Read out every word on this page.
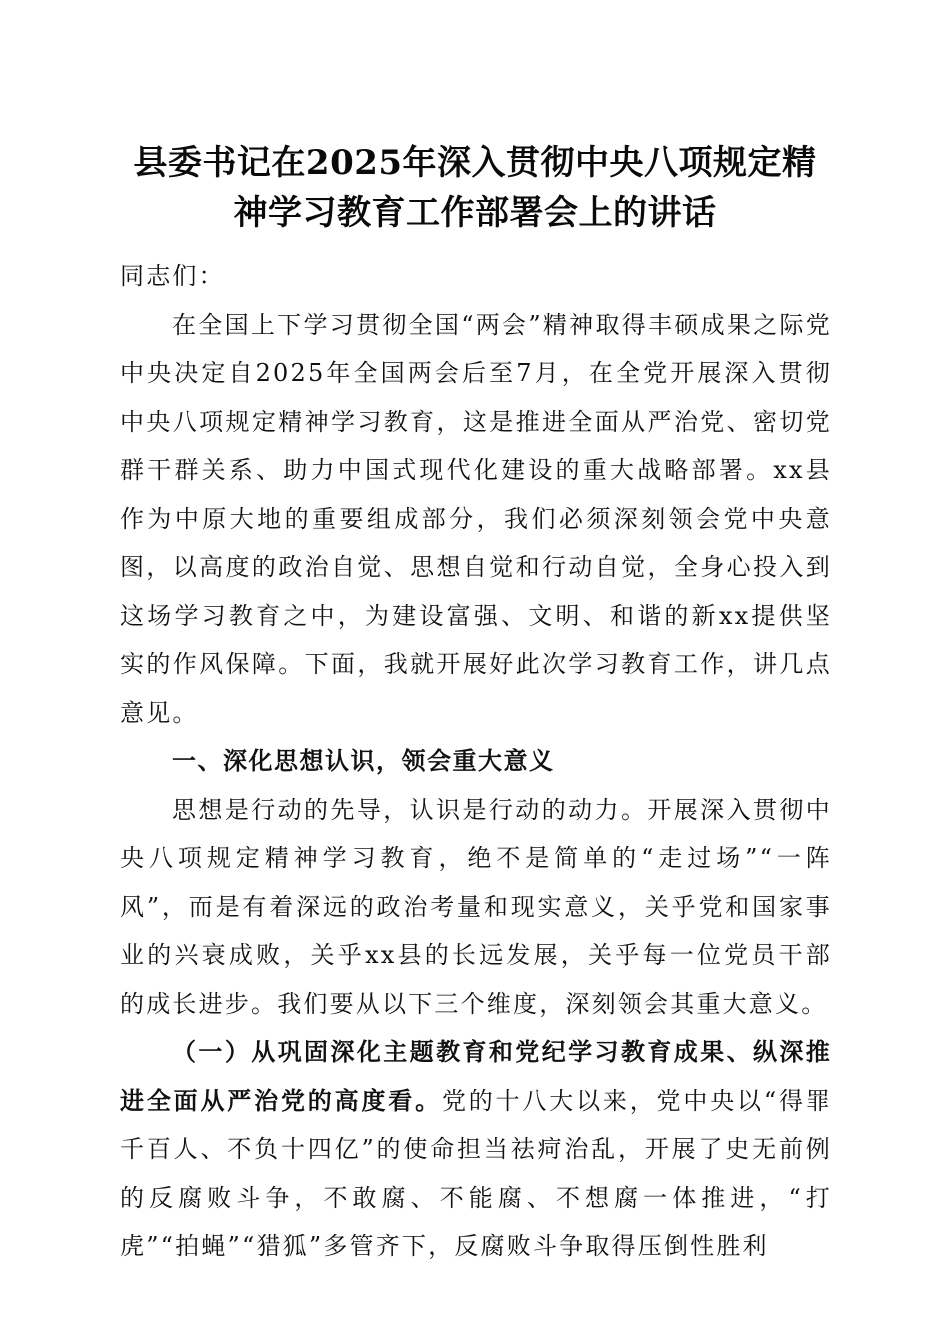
县委书记在2025年深入贯彻中央八项规定精
神学习教育工作部署会上的讲话

同志们：

在全国上下学习贯彻全国“两会”精神取得丰硕成果之际党中央决定自2025年全国两会后至7月，在全党开展深入贯彻中央八项规定精神学习教育，这是推进全面从严治党、密切党群干群关系、助力中国式现代化建设的重大战略部署。xx县作为中原大地的重要组成部分，我们必须深刻领会党中央意图，以高度的政治自觉、思想自觉和行动自觉，全身心投入到这场学习教育之中，为建设富强、文明、和谐的新xx提供坚实的作风保障。下面，我就开展好此次学习教育工作，讲几点意见。

一、深化思想认识，领会重大意义

思想是行动的先导，认识是行动的动力。开展深入贯彻中央八项规定精神学习教育，绝不是简单的“走过场”“一阵风”，而是有着深远的政治考量和现实意义，关乎党和国家事业的兴衰成败，关乎xx县的长远发展，关乎每一位党员干部的成长进步。我们要从以下三个维度，深刻领会其重大意义。

（一）从巩固深化主题教育和党纪学习教育成果、纵深推进全面从严治党的高度看。党的十八大以来，党中央以“得罪千百人、不负十四亿”的使命担当祛疴治乱，开展了史无前例的反腐败斗争，不敢腐、不能腐、不想腐一体推进，“打虎”“拍蝇”“猎狐”多管齐下，反腐败斗争取得压倒性胜利
